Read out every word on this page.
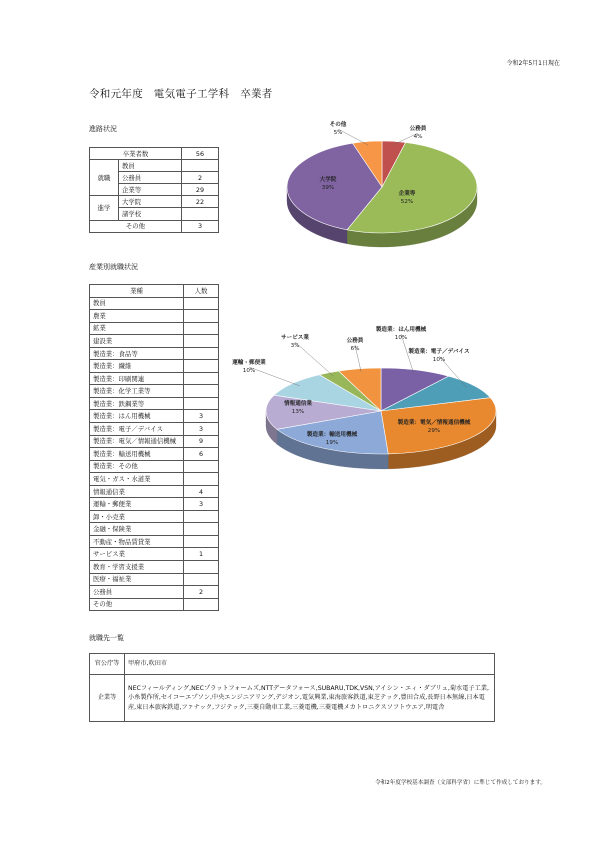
令和2年5月1日現在
令和元年度　電気電子工学科　卒業者
進路状況
卒業者数		56
就職	教員	
	公務員	2
	企業等	29
進学	大学院	22
	諸学校	
その他		3
公務員
4%
企業等
52%
大学院
39%
その他
5%
産業別就職状況
業種	人数
教員	
農業	
鉱業	
建設業	
製造業：食品等	
製造業：繊維	
製造業：印刷関連	
製造業：化学工業等	
製造業：鉄鋼業等	
製造業：はん用機械	3
製造業：電子／デバイス	3
製造業：電気／情報通信機械	9
製造業：輸送用機械	6
製造業：その他	
電気・ガス・水道業	
情報通信業	4
運輸・郵便業	3
卸・小売業	
金融・保険業	
不動産・物品賃貸業	
サービス業	1
教育・学習支援業	
医療・福祉業	
公務員	2
その他	
製造業：はん用機械
10%
製造業：電子／デバイス
10%
製造業：電気／情報通信機械
29%
製造業：輸送用機械
19%
情報通信業
13%
運輸・郵便業
10%
サービス業
3%
公務員
6%
就職先一覧
官公庁等	甲府市,吹田市
企業等	NECフィールディング,NECプラットフォームズ,NTTデータフォース,SUBARU,TDK,VSN,アイシン・エィ・ダブリュ,菊水電子工業,小糸製作所,セイコーエプソン,中央エンジニアリング,デジオン,電気興業,東海旅客鉄道,東芝テック,豊田合成,長野日本無線,日本電産,東日本旅客鉄道,ファナック,フジテック,三菱自動車工業,三菱電機,三菱電機メカトロニクスソフトウエア,明電舎
令和2年度学校基本調査（文部科学省）に準じて作成しております。
